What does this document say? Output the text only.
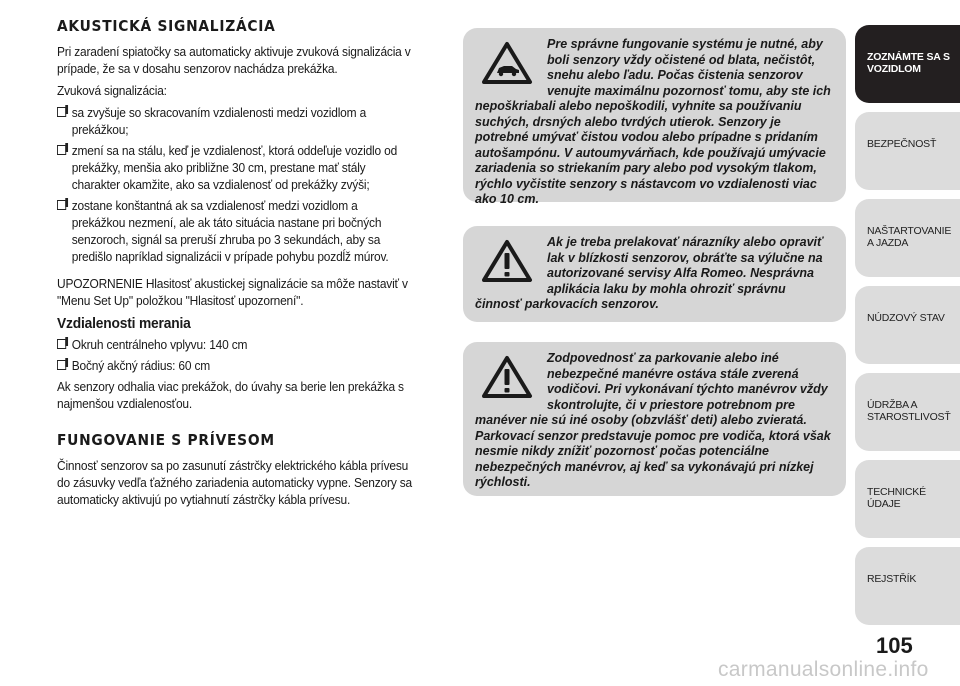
AKUSTICKÁ SIGNALIZÁCIA

Pri zaradení spiatočky sa automaticky aktivuje zvuková signalizácia v prípade, že sa v dosahu senzorov nachádza prekážka.

Zvuková signalizácia:

sa zvyšuje so skracovaním vzdialenosti medzi vozidlom a prekážkou;
zmení sa na stálu, keď je vzdialenosť, ktorá oddeľuje vozidlo od prekážky, menšia ako približne 30 cm, prestane mať stály charakter okamžite, ako sa vzdialenosť od prekážky zvýši;
zostane konštantná ak sa vzdialenosť medzi vozidlom a prekážkou nezmení, ale ak táto situácia nastane pri bočných senzoroch, signál sa preruší zhruba po 3 sekundách, aby sa predišlo napríklad signalizácii v prípade pohybu pozdĺž múrov.

UPOZORNENIE Hlasitosť akustickej signalizácie sa môže nastaviť v "Menu Set Up" položkou "Hlasitosť upozornení".

Vzdialenosti merania
Okruh centrálneho vplyvu: 140 cm
Bočný akčný rádius: 60 cm

Ak senzory odhalia viac prekážok, do úvahy sa berie len prekážka s najmenšou vzdialenosťou.

FUNGOVANIE S PRÍVESOM

Činnosť senzorov sa po zasunutí zástrčky elektrického kábla prívesu do zásuvky vedľa ťažného zariadenia automaticky vypne. Senzory sa automaticky aktivujú po vytiahnutí zástrčky kábla prívesu.

Pre správne fungovanie systému je nutné, aby boli senzory vždy očistené od blata, nečistôt, snehu alebo ľadu. Počas čistenia senzorov venujte maximálnu pozornosť tomu, aby ste ich nepoškriabali alebo nepoškodili, vyhnite sa používaniu suchých, drsných alebo tvrdých utierok. Senzory je potrebné umývať čistou vodou alebo prípadne s pridaním autošampónu. V autoumyvárňach, kde používajú umývacie zariadenia so striekaním pary alebo pod vysokým tlakom, rýchlo vyčistite senzory s nástavcom vo vzdialenosti viac ako 10 cm.
Ak je treba prelakovať nárazníky alebo opraviť lak v blízkosti senzorov, obráťte sa výlučne na autorizované servisy Alfa Romeo. Nesprávna aplikácia laku by mohla ohroziť správnu činnosť parkovacích senzorov.
Zodpovednosť za parkovanie alebo iné nebezpečné manévre ostáva stále zverená vodičovi. Pri vykonávaní týchto manévrov vždy skontrolujte, či v priestore potrebnom pre manéver nie sú iné osoby (obzvlášť deti) alebo zvieratá. Parkovací senzor predstavuje pomoc pre vodiča, ktorá však nesmie nikdy znížiť pozornosť počas potenciálne nebezpečných manévrov, aj keď sa vykonávajú pri nízkej rýchlosti.
ZOZNÁMTE SA S VOZIDLOM
BEZPEČNOSŤ
NAŠTARTOVANIE A JAZDA
NÚDZOVÝ STAV
ÚDRŽBA A STAROSTLIVOSŤ
TECHNICKÉ ÚDAJE
REJSTŘÍK
105
carmanualsonline.info
